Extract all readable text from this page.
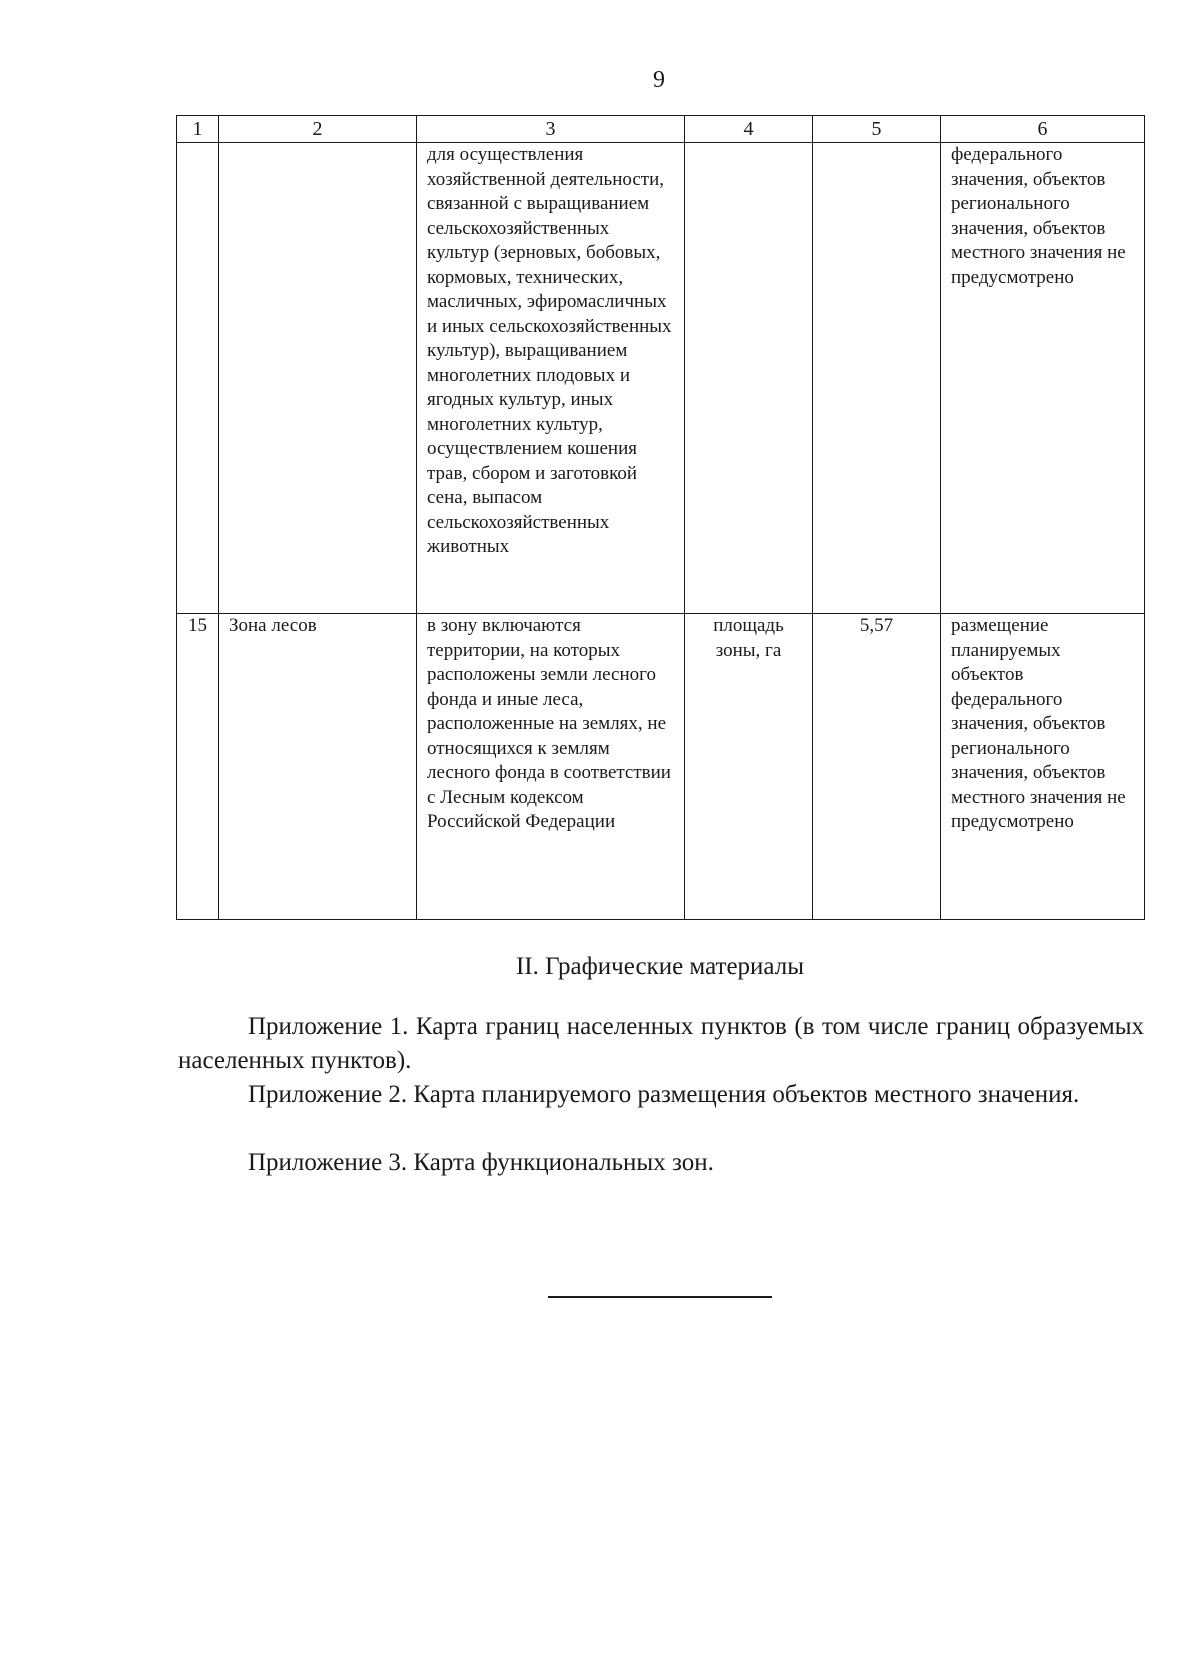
9
1	2	3	4	5	6
		для осуществления хозяйственной деятельности, связанной с выращиванием сельскохозяйственных культур (зерновых, бобовых, кормовых, технических, масличных, эфиромасличных и иных сельскохозяйственных культур), выращиванием многолетних плодовых и ягодных культур, иных многолетних культур, осуществлением кошения трав, сбором и заготовкой сена, выпасом сельскохозяйственных животных			федерального значения, объектов регионального значения, объектов местного значения не предусмотрено
15	Зона лесов	в зону включаются территории, на которых расположены земли лесного фонда и иные леса, расположенные на землях, не относящихся к землям лесного фонда в соответствии с Лесным кодексом Российской Федерации	площадь зоны, га	5,57	размещение планируемых объектов федерального значения, объектов регионального значения, объектов местного значения не предусмотрено
II. Графические материалы

Приложение 1. Карта границ населенных пунктов (в том числе границ образуемых населенных пунктов).

Приложение 2. Карта планируемого размещения объектов местного значения.

Приложение 3. Карта функциональных зон.
